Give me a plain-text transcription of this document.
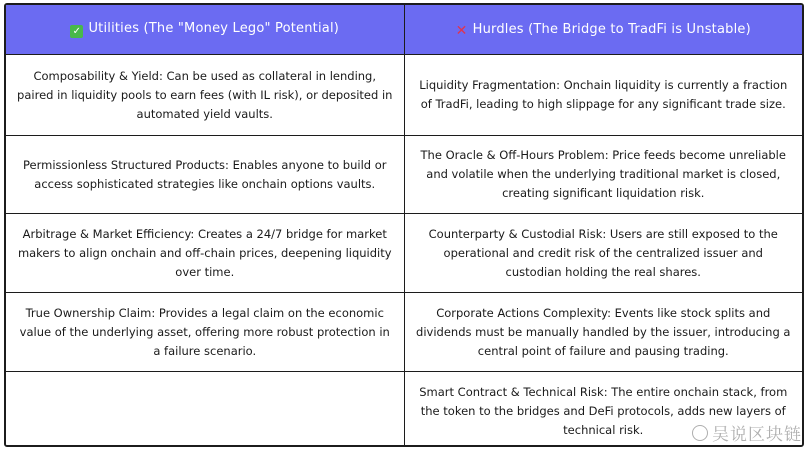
✓ Utilities (The "Money Lego" Potential)	✕ Hurdles (The Bridge to TradFi is Unstable)
Composability & Yield: Can be used as collateral in lending, paired in liquidity pools to earn fees (with IL risk), or deposited in automated yield vaults.	Liquidity Fragmentation: Onchain liquidity is currently a fraction of TradFi, leading to high slippage for any significant trade size.
Permissionless Structured Products: Enables anyone to build or access sophisticated strategies like onchain options vaults.	The Oracle & Off-Hours Problem: Price feeds become unreliable and volatile when the underlying traditional market is closed, creating significant liquidation risk.
Arbitrage & Market Efficiency: Creates a 24/7 bridge for market makers to align onchain and off-chain prices, deepening liquidity over time.	Counterparty & Custodial Risk: Users are still exposed to the operational and credit risk of the centralized issuer and custodian holding the real shares.
True Ownership Claim: Provides a legal claim on the economic value of the underlying asset, offering more robust protection in a failure scenario.	Corporate Actions Complexity: Events like stock splits and dividends must be manually handled by the issuer, introducing a central point of failure and pausing trading.
	Smart Contract & Technical Risk: The entire onchain stack, from the token to the bridges and DeFi protocols, adds new layers of technical risk.	吴说区块链
